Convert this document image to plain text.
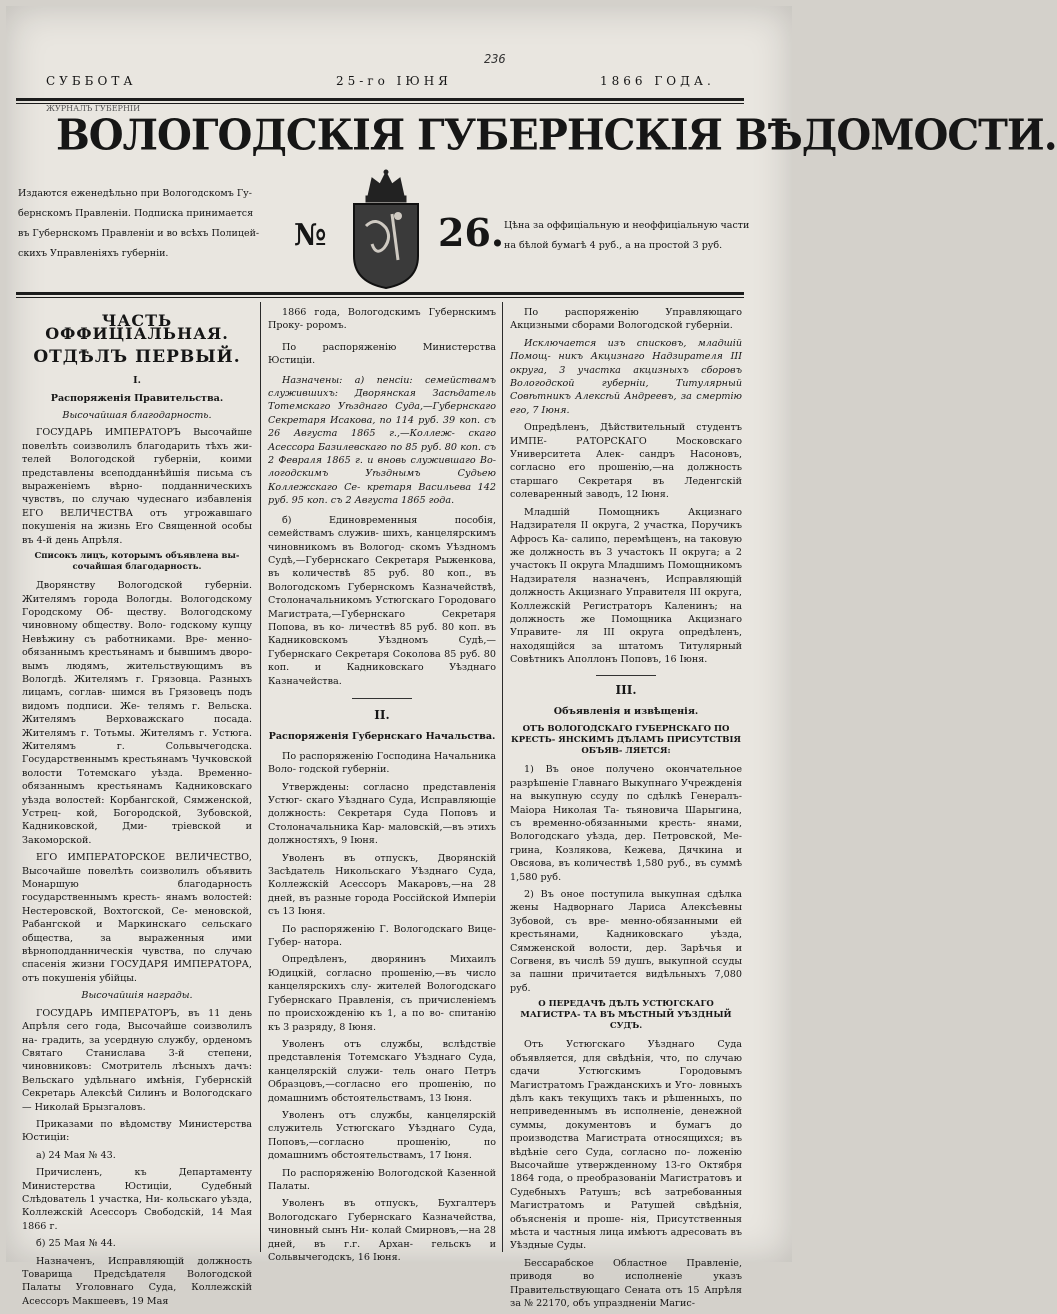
СУББОТА	25-го ІЮНЯ	1866 ГОДА.
236
ЖУРНАЛЪ ГУБЕРНІИ
ВОЛОГОДСКІЯ ГУБЕРНСКІЯ ВѢДОМОСТИ.
Издаются еженедѣльно при Вологодскомъ Гу-
бернскомъ Правленіи. Подписка принимается
въ Губернскомъ Правленіи и во всѣхъ Полицей-
скихъ Управленіяхъ губерніи.
№	26. Цѣна за оффиціальную и неоффиціальную части
на бѣлой бумагѣ 4 руб., а на простой 3 руб.
ЧАСТЬ ОФФИЦІАЛЬНАЯ.
ОТДѢЛЪ ПЕРВЫЙ.
I.
Распоряженія Правительства.
Высочайшая благодарность.

ГОСУДАРЬ ИМПЕРАТОРЪ Высочайше повелѣть соизволилъ благодарить тѣхъ жи- телей Вологодской губерніи, коими представлены всеподданнѣйшія письма съ выраженіемъ вѣрно- подданническихъ чувствъ, по случаю чудеснаго избавленія ЕГО ВЕЛИЧЕСТВА отъ угрожавшаго покушенія на жизнь Его Священной особы въ 4-й день Апрѣля.

Списокъ лицъ, которымъ объявлена вы- сочайшая благодарность.

Дворянству Вологодской губерніи. Жителямъ города Вологды. Вологодскому Городскому Об- ществу. Вологодскому чиновному обществу. Воло- годскому купцу Невѣжину съ работниками. Вре- менно-обязаннымъ крестьянамъ и бывшимъ дворо- вымъ людямъ, жительствующимъ въ Вологдѣ. Жителямъ г. Грязовца. Разныхъ лицамъ, соглав- шимся въ Грязовецъ подъ видомъ подписи. Же- телямъ г. Вельска. Жителямъ Верховажскаго посада. Жителямъ г. Тотьмы. Жителямъ г. Устюга. Жителямъ г. Сольвычегодска. Государственнымъ крестьянамъ Чучковской волости Тотемскаго уѣзда. Временно-обязаннымъ крестьянамъ Кадниковскаго уѣзда волостей: Корбангской, Сямженской, Устрец- кой, Богородской, Зубовской, Кадниковской, Дми- тріевской и Закоморской.

ЕГО ИМПЕРАТОРСКОЕ ВЕЛИЧЕСТВО, Высочайше повелѣть соизволилъ объявить Монаршую благодарность государственнымъ кресть- янамъ волостей: Нестеровской, Вохтогской, Се- меновской, Рабангской и Маркинскаго сельскаго общества, за выраженныя ими вѣрноподданническія чувства, по случаю спасенія жизни ГОСУДАРЯ ИМПЕРАТОРА, отъ покушенія убійцы.

Высочайшія награды.

ГОСУДАРЬ ИМПЕРАТОРЪ, въ 11 день Апрѣля сего года, Высочайше соизволилъ на- градить, за усердную службу, орденомъ Святаго Станислава 3-й степени, чиновниковъ: Смотритель лѣсныхъ дачъ: Вельскаго удѣльнаго имѣнія, Губернскій Секретарь Алексѣй Силинъ и Вологодскаго — Николай Брызгаловъ.

Приказами по вѣдомству Министерства Юстиціи:

а) 24 Мая № 43.

Причисленъ, къ Департаменту Министерства Юстиціи, Судебный Слѣдователь 1 участка, Ни- кольскаго уѣзда, Коллежскій Асессоръ Свободскій, 14 Мая 1866 г.

б) 25 Мая № 44.

Назначенъ, Исправляющій должность Товарища Предсѣдателя Вологодской Палаты Уголовнаго Суда, Коллежскій Асессоръ Макшеевъ, 19 Мая

1866 года, Вологодскимъ Губернскимъ Проку- роромъ.

По распоряженію Министерства Юстиціи.

Назначены: а) пенсіи: семействамъ служившихъ: Дворянская Засѣдатель Тотемскаго Уѣзднаго Суда,—Губернскаго Секретаря Исакова, по 114 руб. 39 коп. съ 26 Августа 1865 г.,—Коллеж- скаго Асессора Базилевскаго по 85 руб. 80 коп. съ 2 Февраля 1865 г. и вновь служившаго Во- логодскимъ Уѣзднымъ Судьею Коллежскаго Се- кретаря Васильева 142 руб. 95 коп. съ 2 Августа 1865 года.

б) Единовременныя пособія, семействамъ служив- шихъ, канцелярскимъ чиновникомъ въ Вологод- скомъ Уѣздномъ Судѣ,—Губернскаго Секретаря Рыженкова, въ количествѣ 85 руб. 80 коп., въ Вологодскомъ Губернскомъ Казначействѣ, Столоначальникомъ Устюгскаго Городоваго Магистрата,—Губернскаго Секретаря Попова, въ ко- личествѣ 85 руб. 80 коп. въ Кадниковскомъ Уѣздномъ Судѣ,—Губернскаго Секретаря Соколова 85 руб. 80 коп. и Кадниковскаго Уѣзднаго Казначейства.

II.
Распоряженія Губернскаго Начальства.

По распоряженію Господина Начальника Воло- годской губерніи.

Утверждены: согласно представленія Устюг- скаго Уѣзднаго Суда, Исправляющіе должность: Секретаря Суда Поповъ и Столоначальника Кар- маловскій,—въ этихъ должностяхъ, 9 Іюня.

Уволенъ въ отпускъ, Дворянскій Засѣдатель Никольскаго Уѣзднаго Суда, Коллежскій Асессоръ Макаровъ,—на 28 дней, въ разные города Россійской Имперіи съ 13 Іюня.

По распоряженію Г. Вологодскаго Вице-Губер- натора.

Опредѣленъ, дворянинъ Михаилъ Юдицкій, согласно прошенію,—въ число канцелярскихъ слу- жителей Вологодскаго Губернскаго Правленія, съ причисленіемъ по происхожденію къ 1, а по во- спитанію къ 3 разряду, 8 Іюня.

Уволенъ отъ службы, вслѣдствіе представленія Тотемскаго Уѣзднаго Суда, канцелярскій служи- тель онаго Петръ Образцовъ,—согласно его прошенію, по домашнимъ обстоятельствамъ, 13 Іюня.

Уволенъ отъ службы, канцелярскій служитель Устюгскаго Уѣзднаго Суда, Поповъ,—согласно прошенію, по домашнимъ обстоятельствамъ, 17 Іюня.

По распоряженію Вологодской Казенной Палаты.

Уволенъ въ отпускъ, Бухгалтеръ Вологодскаго Губернскаго Казначейства, чиновный сынъ Ни- колай Смирновъ,—на 28 дней, въ г.г. Архан- гельскъ и Сольвычегодскъ, 16 Іюня.

По распоряженію Управляющаго Акцизными сборами Вологодской губерніи.

Исключается изъ списковъ, младшій Помощ- никъ Акцизнаго Надзирателя III округа, 3 участка акцизныхъ сборовъ Вологодской губерніи, Титулярный Совѣтникъ Алексѣй Андреевъ, за смертію его, 7 Іюня.

Опредѣленъ, Дѣйствительный студентъ ИМПЕ- РАТОРСКАГО Московскаго Университета Алек- сандръ Насоновъ, согласно его прошенію,—на должность старшаго Секретаря въ Леденгскій солеваренный заводъ, 12 Іюня.

Младшій Помощникъ Акцизнаго Надзирателя II округа, 2 участка, Поручикъ Афросъ Ка- салипо, перемѣщенъ, на таковую же должность въ 3 участокъ II округа; а 2 участокъ II округа Младшимъ Помощникомъ Надзирателя назначенъ, Исправляющій должность Акцизнаго Управителя III округа, Коллежскій Регистраторъ Каленинъ; на должность же Помощника Акцизнаго Управите- ля III округа опредѣленъ, находящійся за штатомъ Титулярный Совѣтникъ Аполлонъ Поповъ, 16 Іюня.

III.
Объявленія и извѣщенія.
ОТЪ ВОЛОГОДСКАГО ГУБЕРНСКАГО ПО КРЕСТЬ- ЯНСКИМЪ ДѢЛАМЪ ПРИСУТСТВІЯ ОБЪЯВ- ЛЯЕТСЯ:

1) Въ оное получено окончательное разрѣшеніе Главнаго Выкупнаго Учрежденія на выкупную ссуду по сдѣлкѣ Генералъ-Маіора Николая Та- тьяновича Шарыгина, съ временно-обязанными кресть- янами, Вологодскаго уѣзда, дер. Петровской, Ме- грина, Козлякова, Кежева, Дячкина и Овсяова, въ количествѣ 1,580 руб., въ суммѣ 1,580 руб.

2) Въ оное поступила выкупная сдѣлка жены Надворнаго Лариса Алексѣевны Зубовой, съ вре- менно-обязанными ей крестьянами, Кадниковскаго уѣзда, Сямженской волости, дер. Зарѣчья и Согвеня, въ числѣ 59 душъ, выкупной ссуды за пашни причитается видѣльныхъ 7,080 руб.

О ПЕРЕДАЧѢ ДѢЛЪ УСТЮГСКАГО МАГИСТРА- ТА ВЪ МѢСТНЫЙ УѢЗДНЫЙ СУДЪ.

Отъ Устюгскаго Уѣзднаго Суда объявляется, для свѣдѣнія, что, по случаю сдачи Устюгскимъ Городовымъ Магистратомъ Гражданскихъ и Уго- ловныхъ дѣлъ какъ текущихъ такъ и рѣшенныхъ, по неприведеннымъ въ исполненіе, денежной суммы, документовъ и бумагъ до производства Магистрата относящихся; въ вѣдѣніе сего Суда, согласно по- ложенію Высочайше утвержденному 13-го Октября 1864 года, о преобразованіи Магистратовъ и Судебныхъ Ратушъ; всѣ затребованныя Магистратомъ и Ратушей свѣдѣнія, объясненія и проше- нія, Присутственныя мѣста и частныя лица имѣютъ адресовать въ Уѣздные Суды.

Бессарабское Областное Правленіе, приводя во исполненіе указъ Правительствующаго Сената отъ 15 Апрѣля за № 22170, объ упраздненіи Магис-
